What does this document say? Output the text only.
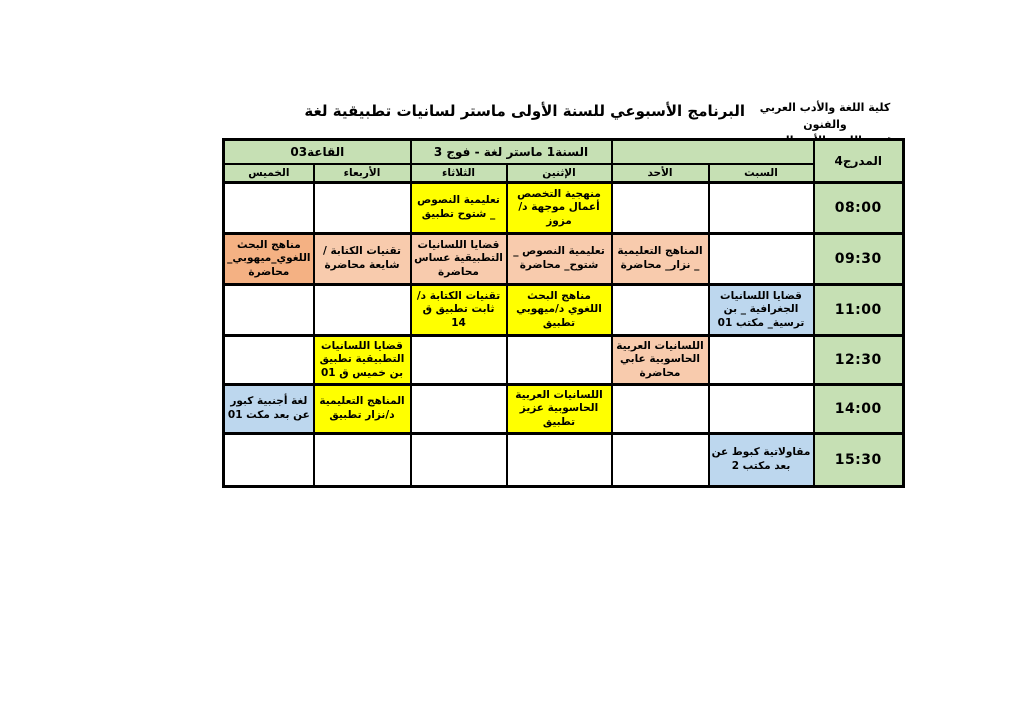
كلية اللغة والأدب العربي والفنون
البرنامج الأسبوعي للسنة الأولى ماستر لسانيات تطبيقية لغة
المدرج4			السنة1 ماستر لغة - فوج 3		القاعة03	
	السبت	الأحد	الإثنين	الثلاثاء	الأربعاء	الخميس
08:00			منهجية التخصص أعمال موجهة د/مزوز	تعليمية النصوص _ شتوح تطبيق		
09:30		المناهج التعليمية _ نزار_ محاضرة	تعليمية النصوص _ شتوح_ محاضرة	قضايا اللسانيات التطبيقية عساس محاضرة	تقنيات الكتابة /شايعة محاضرة	مناهج البحث اللغوي_ميهوبي_ محاضرة
11:00	قضايا اللسانيات الجغرافية _ بن ترسية_ مكتب 01		مناهج البحث اللغوي د/ميهوبي تطبيق	تقنيات الكتابة د/ثابت تطبيق ق 14		
12:30		اللسانيات العربية الحاسوبية عابي محاضرة			قضايا اللسانيات التطبيقية تطبيق بن خميس ق 01	
14:00			اللسانيات العربية الحاسوبية عزيز تطبيق		المناهج التعليمية د/نزار تطبيق	لغة أجنبية كبور عن بعد مكت 01
15:30	مقاولاتية كبوط عن بعد مكتب 2					
